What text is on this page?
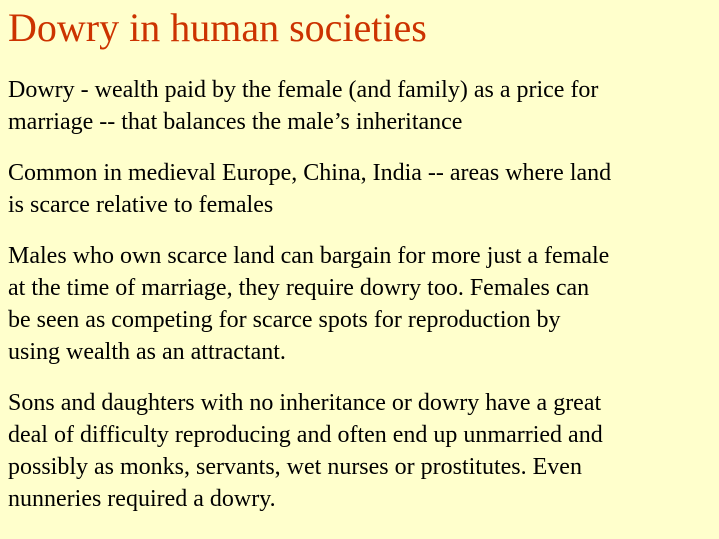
Dowry in human societies

Dowry - wealth paid by the female (and family) as a price for
marriage -- that balances the male’s inheritance

Common in medieval Europe, China, India -- areas where land
is scarce relative to females

Males who own scarce land can bargain for more just a female
at the time of marriage, they require dowry too. Females can
be seen as competing for scarce spots for reproduction by
using wealth as an attractant.

Sons and daughters with no inheritance or dowry have a great
deal of difficulty reproducing and often end up unmarried and
possibly as monks, servants, wet nurses or prostitutes. Even
nunneries required a dowry.
